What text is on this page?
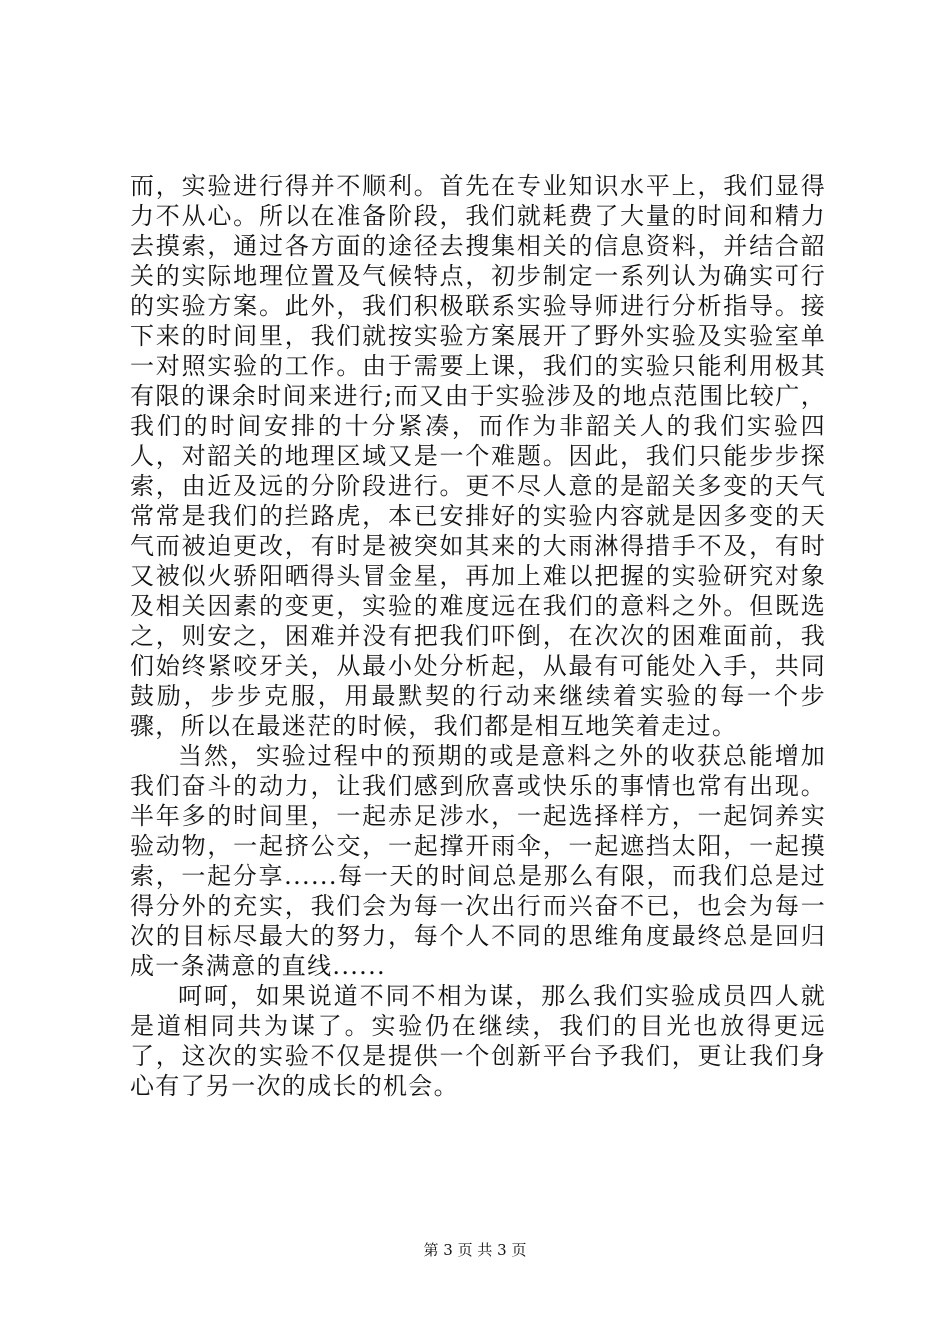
而，实验进行得并不顺利。首先在专业知识水平上，我们显得力不从心。所以在准备阶段，我们就耗费了大量的时间和精力去摸索，通过各方面的途径去搜集相关的信息资料，并结合韶关的实际地理位置及气候特点，初步制定一系列认为确实可行的实验方案。此外，我们积极联系实验导师进行分析指导。接下来的时间里，我们就按实验方案展开了野外实验及实验室单一对照实验的工作。由于需要上课，我们的实验只能利用极其有限的课余时间来进行;而又由于实验涉及的地点范围比较广，我们的时间安排的十分紧凑，而作为非韶关人的我们实验四人，对韶关的地理区域又是一个难题。因此，我们只能步步探索，由近及远的分阶段进行。更不尽人意的是韶关多变的天气常常是我们的拦路虎，本已安排好的实验内容就是因多变的天气而被迫更改，有时是被突如其来的大雨淋得措手不及，有时又被似火骄阳晒得头冒金星，再加上难以把握的实验研究对象及相关因素的变更，实验的难度远在我们的意料之外。但既选之，则安之，困难并没有把我们吓倒，在次次的困难面前，我们始终紧咬牙关，从最小处分析起，从最有可能处入手，共同鼓励，步步克服，用最默契的行动来继续着实验的每一个步骤，所以在最迷茫的时候，我们都是相互地笑着走过。

当然，实验过程中的预期的或是意料之外的收获总能增加我们奋斗的动力，让我们感到欣喜或快乐的事情也常有出现。半年多的时间里，一起赤足涉水，一起选择样方，一起饲养实验动物，一起挤公交，一起撑开雨伞，一起遮挡太阳，一起摸索，一起分享......每一天的时间总是那么有限，而我们总是过得分外的充实，我们会为每一次出行而兴奋不已，也会为每一次的目标尽最大的努力，每个人不同的思维角度最终总是回归成一条满意的直线......

呵呵，如果说道不同不相为谋，那么我们实验成员四人就是道相同共为谋了。实验仍在继续，我们的目光也放得更远了，这次的实验不仅是提供一个创新平台予我们，更让我们身心有了另一次的成长的机会。

第 3 页 共 3 页
